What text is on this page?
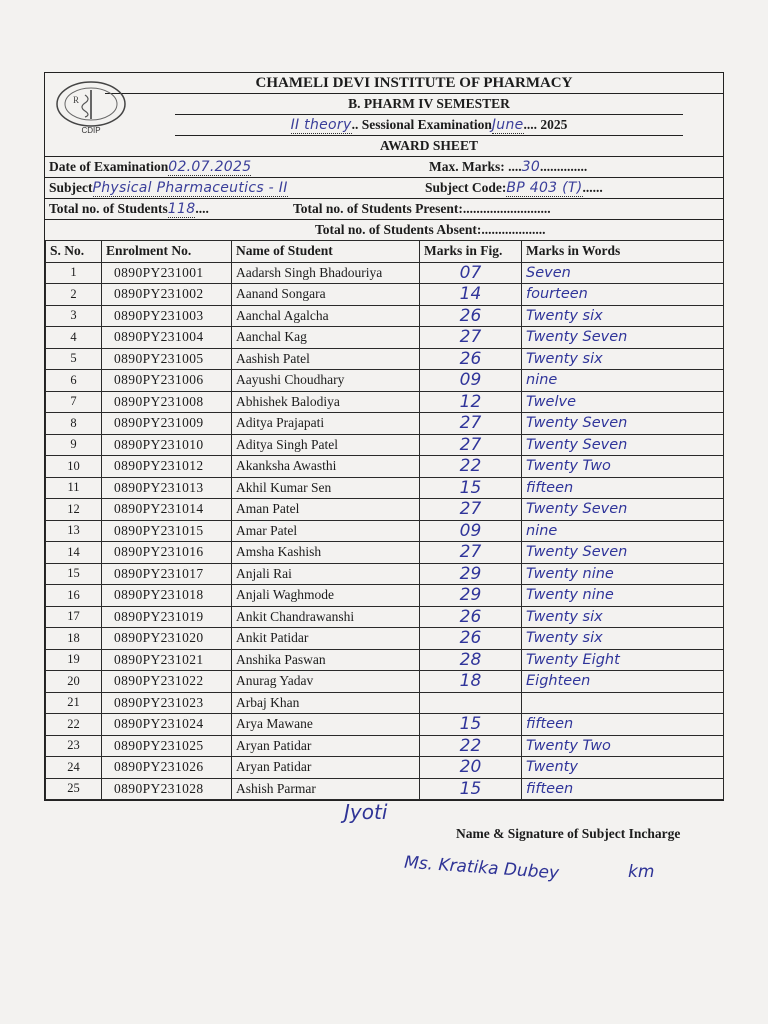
R
CDIP
CHAMELI DEVI INSTITUTE OF PHARMACY
B. PHARM IV SEMESTER
II theory.. Sessional ExaminationJune.... 2025
AWARD SHEET
Date of Examination02.07.2025	Max. Marks: ....30..............
SubjectPhysical Pharmaceutics - II	Subject Code:BP 403 (T)......
Total no. of Students118....	Total no. of Students Present:..........................
Total no. of Students Absent:...................
S. No.	Enrolment No.	Name of Student	Marks in Fig.	Marks in Words
1	0890PY231001	Aadarsh Singh Bhadouriya	07	Seven
2	0890PY231002	Aanand Songara	14	fourteen
3	0890PY231003	Aanchal Agalcha	26	Twenty six
4	0890PY231004	Aanchal Kag	27	Twenty Seven
5	0890PY231005	Aashish Patel	26	Twenty six
6	0890PY231006	Aayushi Choudhary	09	nine
7	0890PY231008	Abhishek Balodiya	12	Twelve
8	0890PY231009	Aditya Prajapati	27	Twenty Seven
9	0890PY231010	Aditya Singh Patel	27	Twenty Seven
10	0890PY231012	Akanksha Awasthi	22	Twenty Two
11	0890PY231013	Akhil Kumar Sen	15	fifteen
12	0890PY231014	Aman Patel	27	Twenty Seven
13	0890PY231015	Amar Patel	09	nine
14	0890PY231016	Amsha Kashish	27	Twenty Seven
15	0890PY231017	Anjali Rai	29	Twenty nine
16	0890PY231018	Anjali Waghmode	29	Twenty nine
17	0890PY231019	Ankit Chandrawanshi	26	Twenty six
18	0890PY231020	Ankit Patidar	26	Twenty six
19	0890PY231021	Anshika Paswan	28	Twenty Eight
20	0890PY231022	Anurag Yadav	18	Eighteen
21	0890PY231023	Arbaj Khan		
22	0890PY231024	Arya Mawane	15	fifteen
23	0890PY231025	Aryan Patidar	22	Twenty Two
24	0890PY231026	Aryan Patidar	20	Twenty
25	0890PY231028	Ashish Parmar	15	fifteen
Jyoti
Name & Signature of Subject Incharge
Ms. Kratika Dubey	km
